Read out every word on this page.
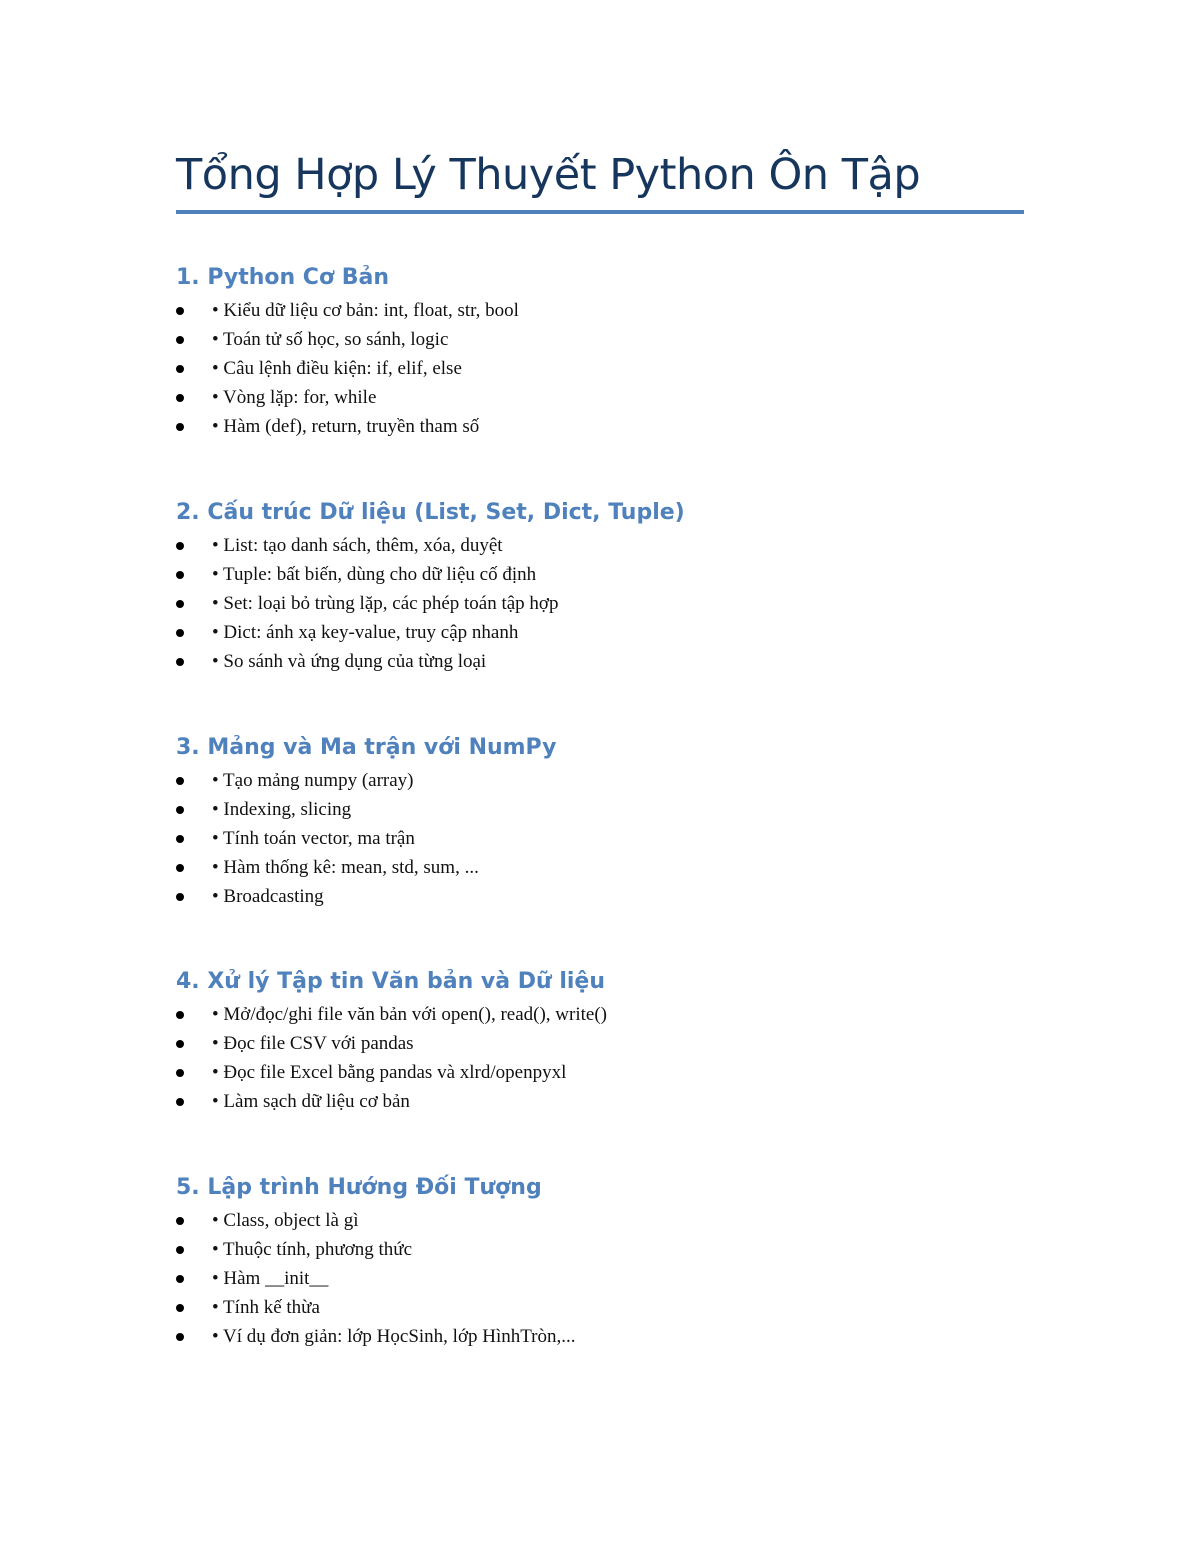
Tổng Hợp Lý Thuyết Python Ôn Tập
1. Python Cơ Bản
• Kiểu dữ liệu cơ bản: int, float, str, bool
• Toán tử số học, so sánh, logic
• Câu lệnh điều kiện: if, elif, else
• Vòng lặp: for, while
• Hàm (def), return, truyền tham số
2. Cấu trúc Dữ liệu (List, Set, Dict, Tuple)
• List: tạo danh sách, thêm, xóa, duyệt
• Tuple: bất biến, dùng cho dữ liệu cố định
• Set: loại bỏ trùng lặp, các phép toán tập hợp
• Dict: ánh xạ key-value, truy cập nhanh
• So sánh và ứng dụng của từng loại
3. Mảng và Ma trận với NumPy
• Tạo mảng numpy (array)
• Indexing, slicing
• Tính toán vector, ma trận
• Hàm thống kê: mean, std, sum, ...
• Broadcasting
4. Xử lý Tập tin Văn bản và Dữ liệu
• Mở/đọc/ghi file văn bản với open(), read(), write()
• Đọc file CSV với pandas
• Đọc file Excel bằng pandas và xlrd/openpyxl
• Làm sạch dữ liệu cơ bản
5. Lập trình Hướng Đối Tượng
• Class, object là gì
• Thuộc tính, phương thức
• Hàm __init__
• Tính kế thừa
• Ví dụ đơn giản: lớp HọcSinh, lớp HìnhTròn,...
